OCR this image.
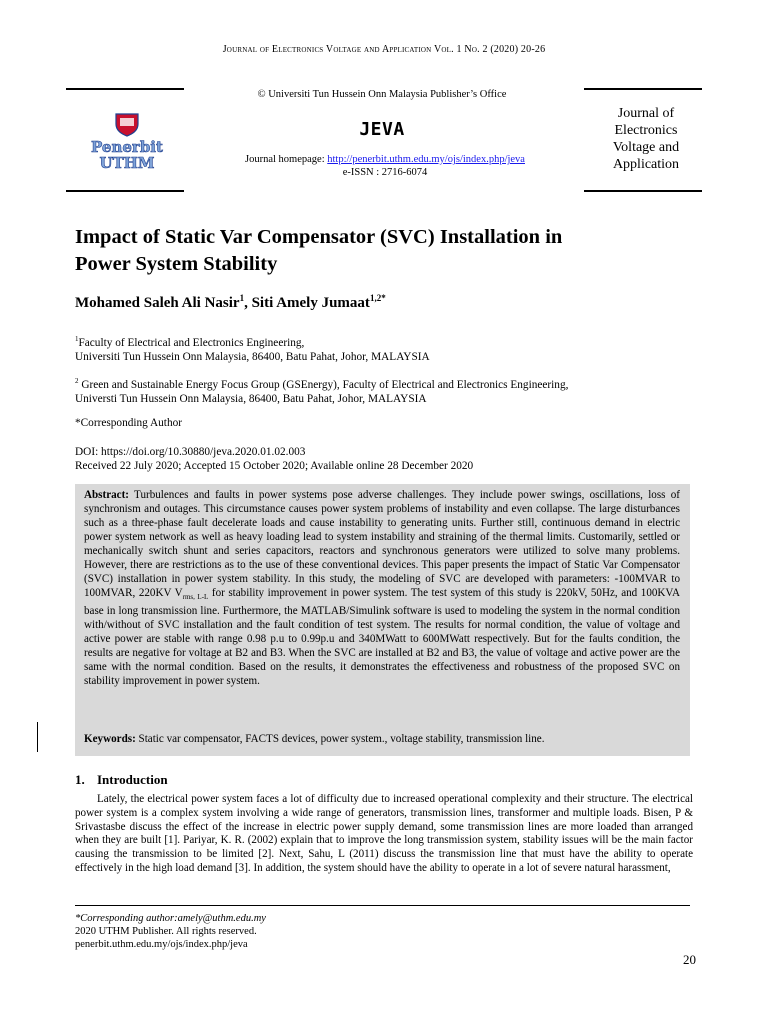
Journal of Electronics Voltage and Application Vol. 1 No. 2 (2020) 20-26
Penerbit
UTHM
© Universiti Tun Hussein Onn Malaysia Publisher’s Office
JEVA
Journal homepage: http://penerbit.uthm.edu.my/ojs/index.php/jeva
e-ISSN : 2716-6074
Journal of
Electronics
Voltage and
Application
Impact of Static Var Compensator (SVC) Installation in
Power System Stability
Mohamed Saleh Ali Nasir$^1$, Siti Amely Jumaat$^{1,2*}$
$^1$Faculty of Electrical and Electronics Engineering,
Universiti Tun Hussein Onn Malaysia, 86400, Batu Pahat, Johor, MALAYSIA
$^2$ Green and Sustainable Energy Focus Group (GSEnergy), Faculty of Electrical and Electronics Engineering,
Universti Tun Hussein Onn Malaysia, 86400, Batu Pahat, Johor, MALAYSIA
*Corresponding Author
DOI: https://doi.org/10.30880/jeva.2020.01.02.003
Received 22 July 2020; Accepted 15 October 2020; Available online 28 December 2020
Abstract: Turbulences and faults in power systems pose adverse challenges. They include power swings, oscillations, loss of synchronism and outages. This circumstance causes power system problems of instability and even collapse. The large disturbances such as a three-phase fault decelerate loads and cause instability to generating units. Further still, continuous demand in electric power system network as well as heavy loading lead to system instability and straining of the thermal limits. Customarily, settled or mechanically switch shunt and series capacitors, reactors and synchronous generators were utilized to solve many problems. However, there are restrictions as to the use of these conventional devices. This paper presents the impact of Static Var Compensator (SVC) installation in power system stability. In this study, the modeling of SVC are developed with parameters: -100MVAR to 100MVAR, 220KV $V_{rms, L-L}$ for stability improvement in power system. The test system of this study is 220kV, 50Hz, and 100KVA base in long transmission line. Furthermore, the MATLAB/Simulink software is used to modeling the system in the normal condition with/without of SVC installation and the fault condition of test system. The results for normal condition, the value of voltage and active power are stable with range 0.98 p.u to 0.99p.u and 340MWatt to 600MWatt respectively. But for the faults condition, the results are negative for voltage at B2 and B3. When the SVC are installed at B2 and B3, the value of voltage and active power are the same with the normal condition. Based on the results, it demonstrates the effectiveness and robustness of the proposed SVC on stability improvement in power system.
Keywords: Static var compensator, FACTS devices, power system., voltage stability, transmission line.
1. Introduction
Lately, the electrical power system faces a lot of difficulty due to increased operational complexity and their structure. The electrical power system is a complex system involving a wide range of generators, transmission lines, transformer and multiple loads. Bisen, P & Srivastasbe discuss the effect of the increase in electric power supply demand, some transmission lines are more loaded than arranged when they are built [1]. Pariyar, K. R. (2002) explain that to improve the long transmission system, stability issues will be the main factor causing the transmission to be limited [2]. Next, Sahu, L (2011) discuss the transmission line that must have the ability to operate effectively in the high load demand [3]. In addition, the system should have the ability to operate in a lot of severe natural harassment,
*Corresponding author:amely@uthm.edu.my
2020 UTHM Publisher. All rights reserved.
penerbit.uthm.edu.my/ojs/index.php/jeva
20
